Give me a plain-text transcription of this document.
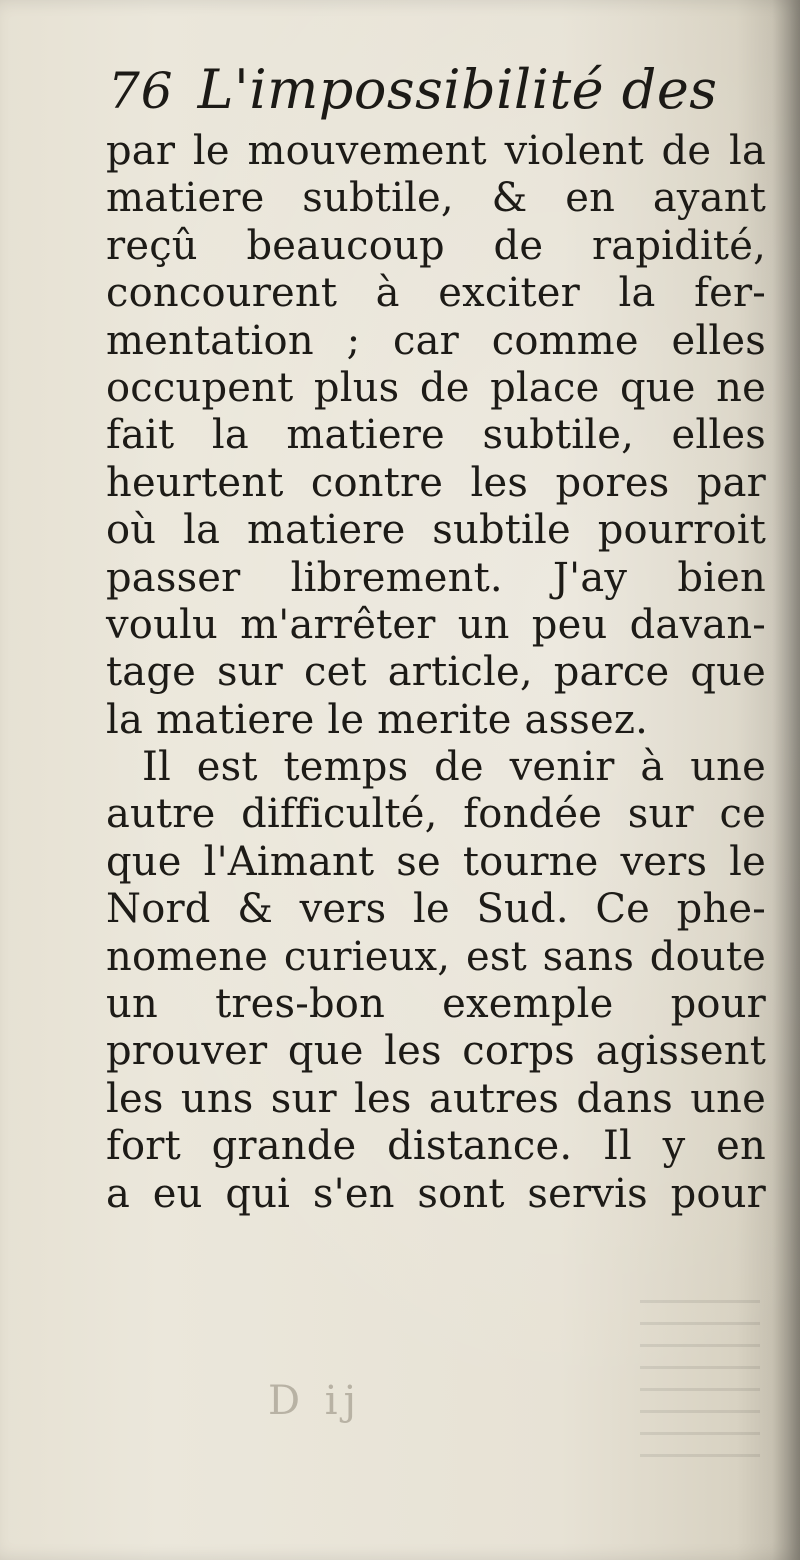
76 L'impossibilité des
par le mouvement violent de la
matiere subtile, & en ayant
reçû beaucoup de rapidité,
concourent à exciter la fer-
mentation ; car comme elles
occupent plus de place que ne
fait la matiere subtile, elles
heurtent contre les pores par
où la matiere subtile pourroit
passer librement. J'ay bien
voulu m'arrêter un peu davan-
tage sur cet article, parce que
la matiere le merite assez.
Il est temps de venir à une
autre difficulté, fondée sur ce
que l'Aimant se tourne vers le
Nord & vers le Sud. Ce phe-
nomene curieux, est sans doute
un tres-bon exemple pour
prouver que les corps agissent
les uns sur les autres dans une
fort grande distance. Il y en
a eu qui s'en sont servis pour
D ij
